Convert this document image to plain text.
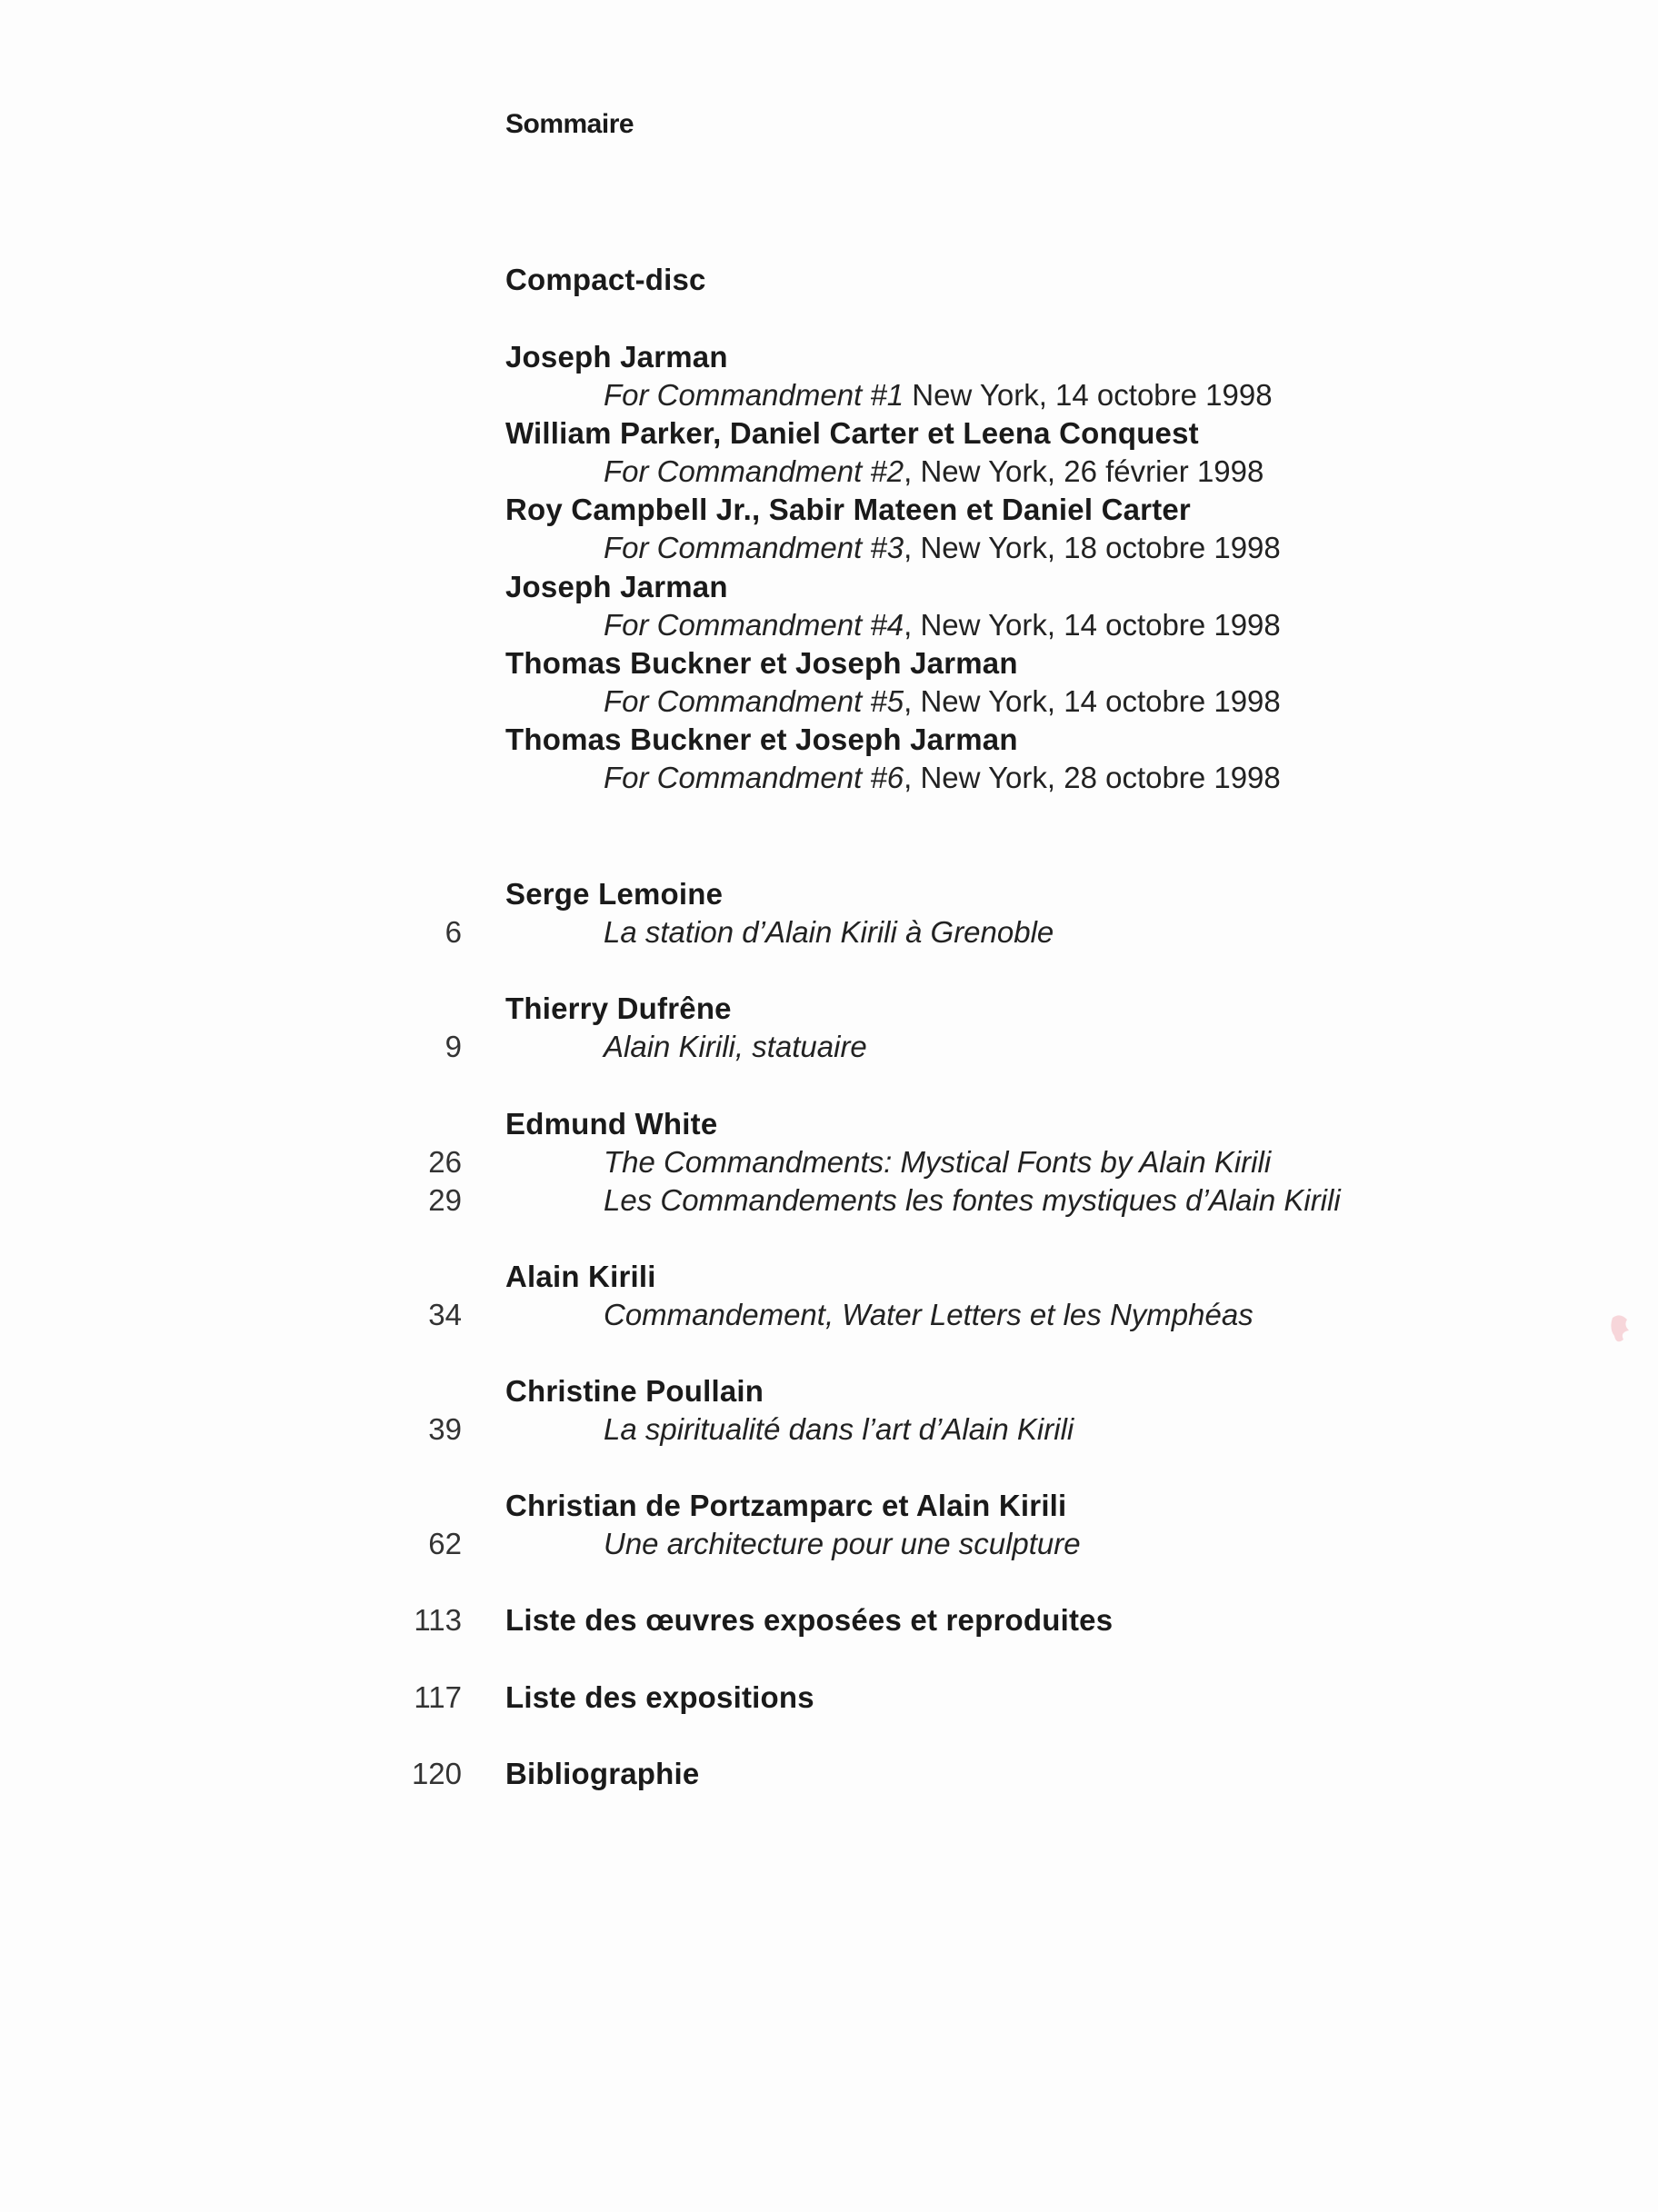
Sommaire
Compact-disc
Joseph Jarman
For Commandment #1 New York, 14 octobre 1998
William Parker, Daniel Carter et Leena Conquest
For Commandment #2, New York, 26 février 1998
Roy Campbell Jr., Sabir Mateen et Daniel Carter
For Commandment #3, New York, 18 octobre 1998
Joseph Jarman
For Commandment #4, New York, 14 octobre 1998
Thomas Buckner et Joseph Jarman
For Commandment #5, New York, 14 octobre 1998
Thomas Buckner et Joseph Jarman
For Commandment #6, New York, 28 octobre 1998
Serge Lemoine
6	La station d’Alain Kirili à Grenoble
Thierry Dufrêne
9	Alain Kirili, statuaire
Edmund White
26	The Commandments: Mystical Fonts by Alain Kirili
29	Les Commandements les fontes mystiques d’Alain Kirili
Alain Kirili
34	Commandement, Water Letters et les Nymphéas
Christine Poullain
39	La spiritualité dans l’art d’Alain Kirili
Christian de Portzamparc et Alain Kirili
62	Une architecture pour une sculpture
113 Liste des œuvres exposées et reproduites
117 Liste des expositions
120 Bibliographie
